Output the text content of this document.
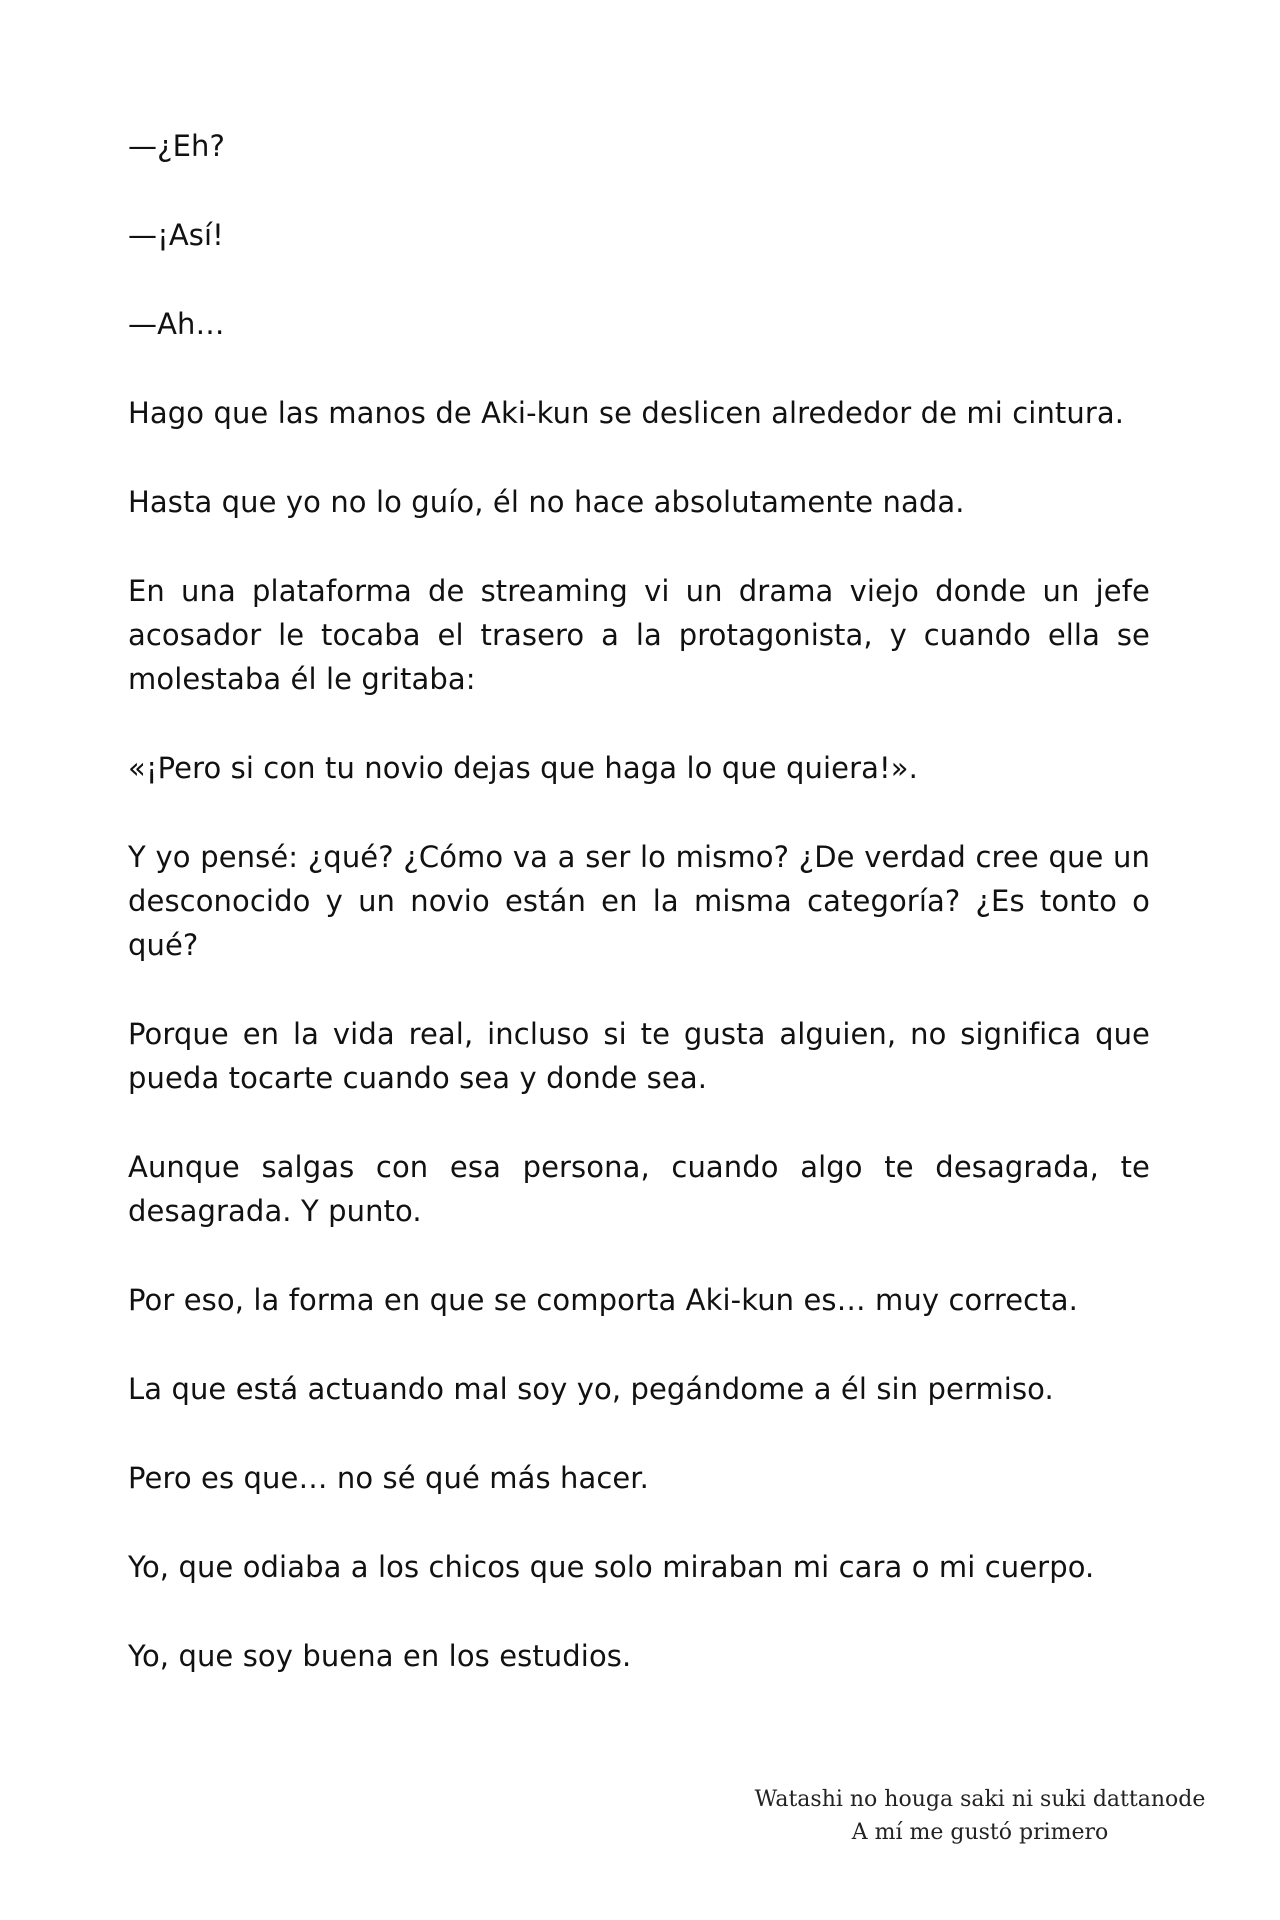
—¿Eh?

—¡Así!

—Ah…

Hago que las manos de Aki-kun se deslicen alrededor de mi cintura.

Hasta que yo no lo guío, él no hace absolutamente nada.

En una plataforma de streaming vi un drama viejo donde un jefe acosador le tocaba el trasero a la protagonista, y cuando ella se molestaba él le gritaba:

«¡Pero si con tu novio dejas que haga lo que quiera!».

Y yo pensé: ¿qué? ¿Cómo va a ser lo mismo? ¿De verdad cree que un desconocido y un novio están en la misma categoría? ¿Es tonto o qué?

Porque en la vida real, incluso si te gusta alguien, no significa que pueda tocarte cuando sea y donde sea.

Aunque salgas con esa persona, cuando algo te desagrada, te desagrada. Y punto.

Por eso, la forma en que se comporta Aki-kun es… muy correcta.

La que está actuando mal soy yo, pegándome a él sin permiso.

Pero es que… no sé qué más hacer.

Yo, que odiaba a los chicos que solo miraban mi cara o mi cuerpo.

Yo, que soy buena en los estudios.

Watashi no houga saki ni suki dattanode
A mí me gustó primero
